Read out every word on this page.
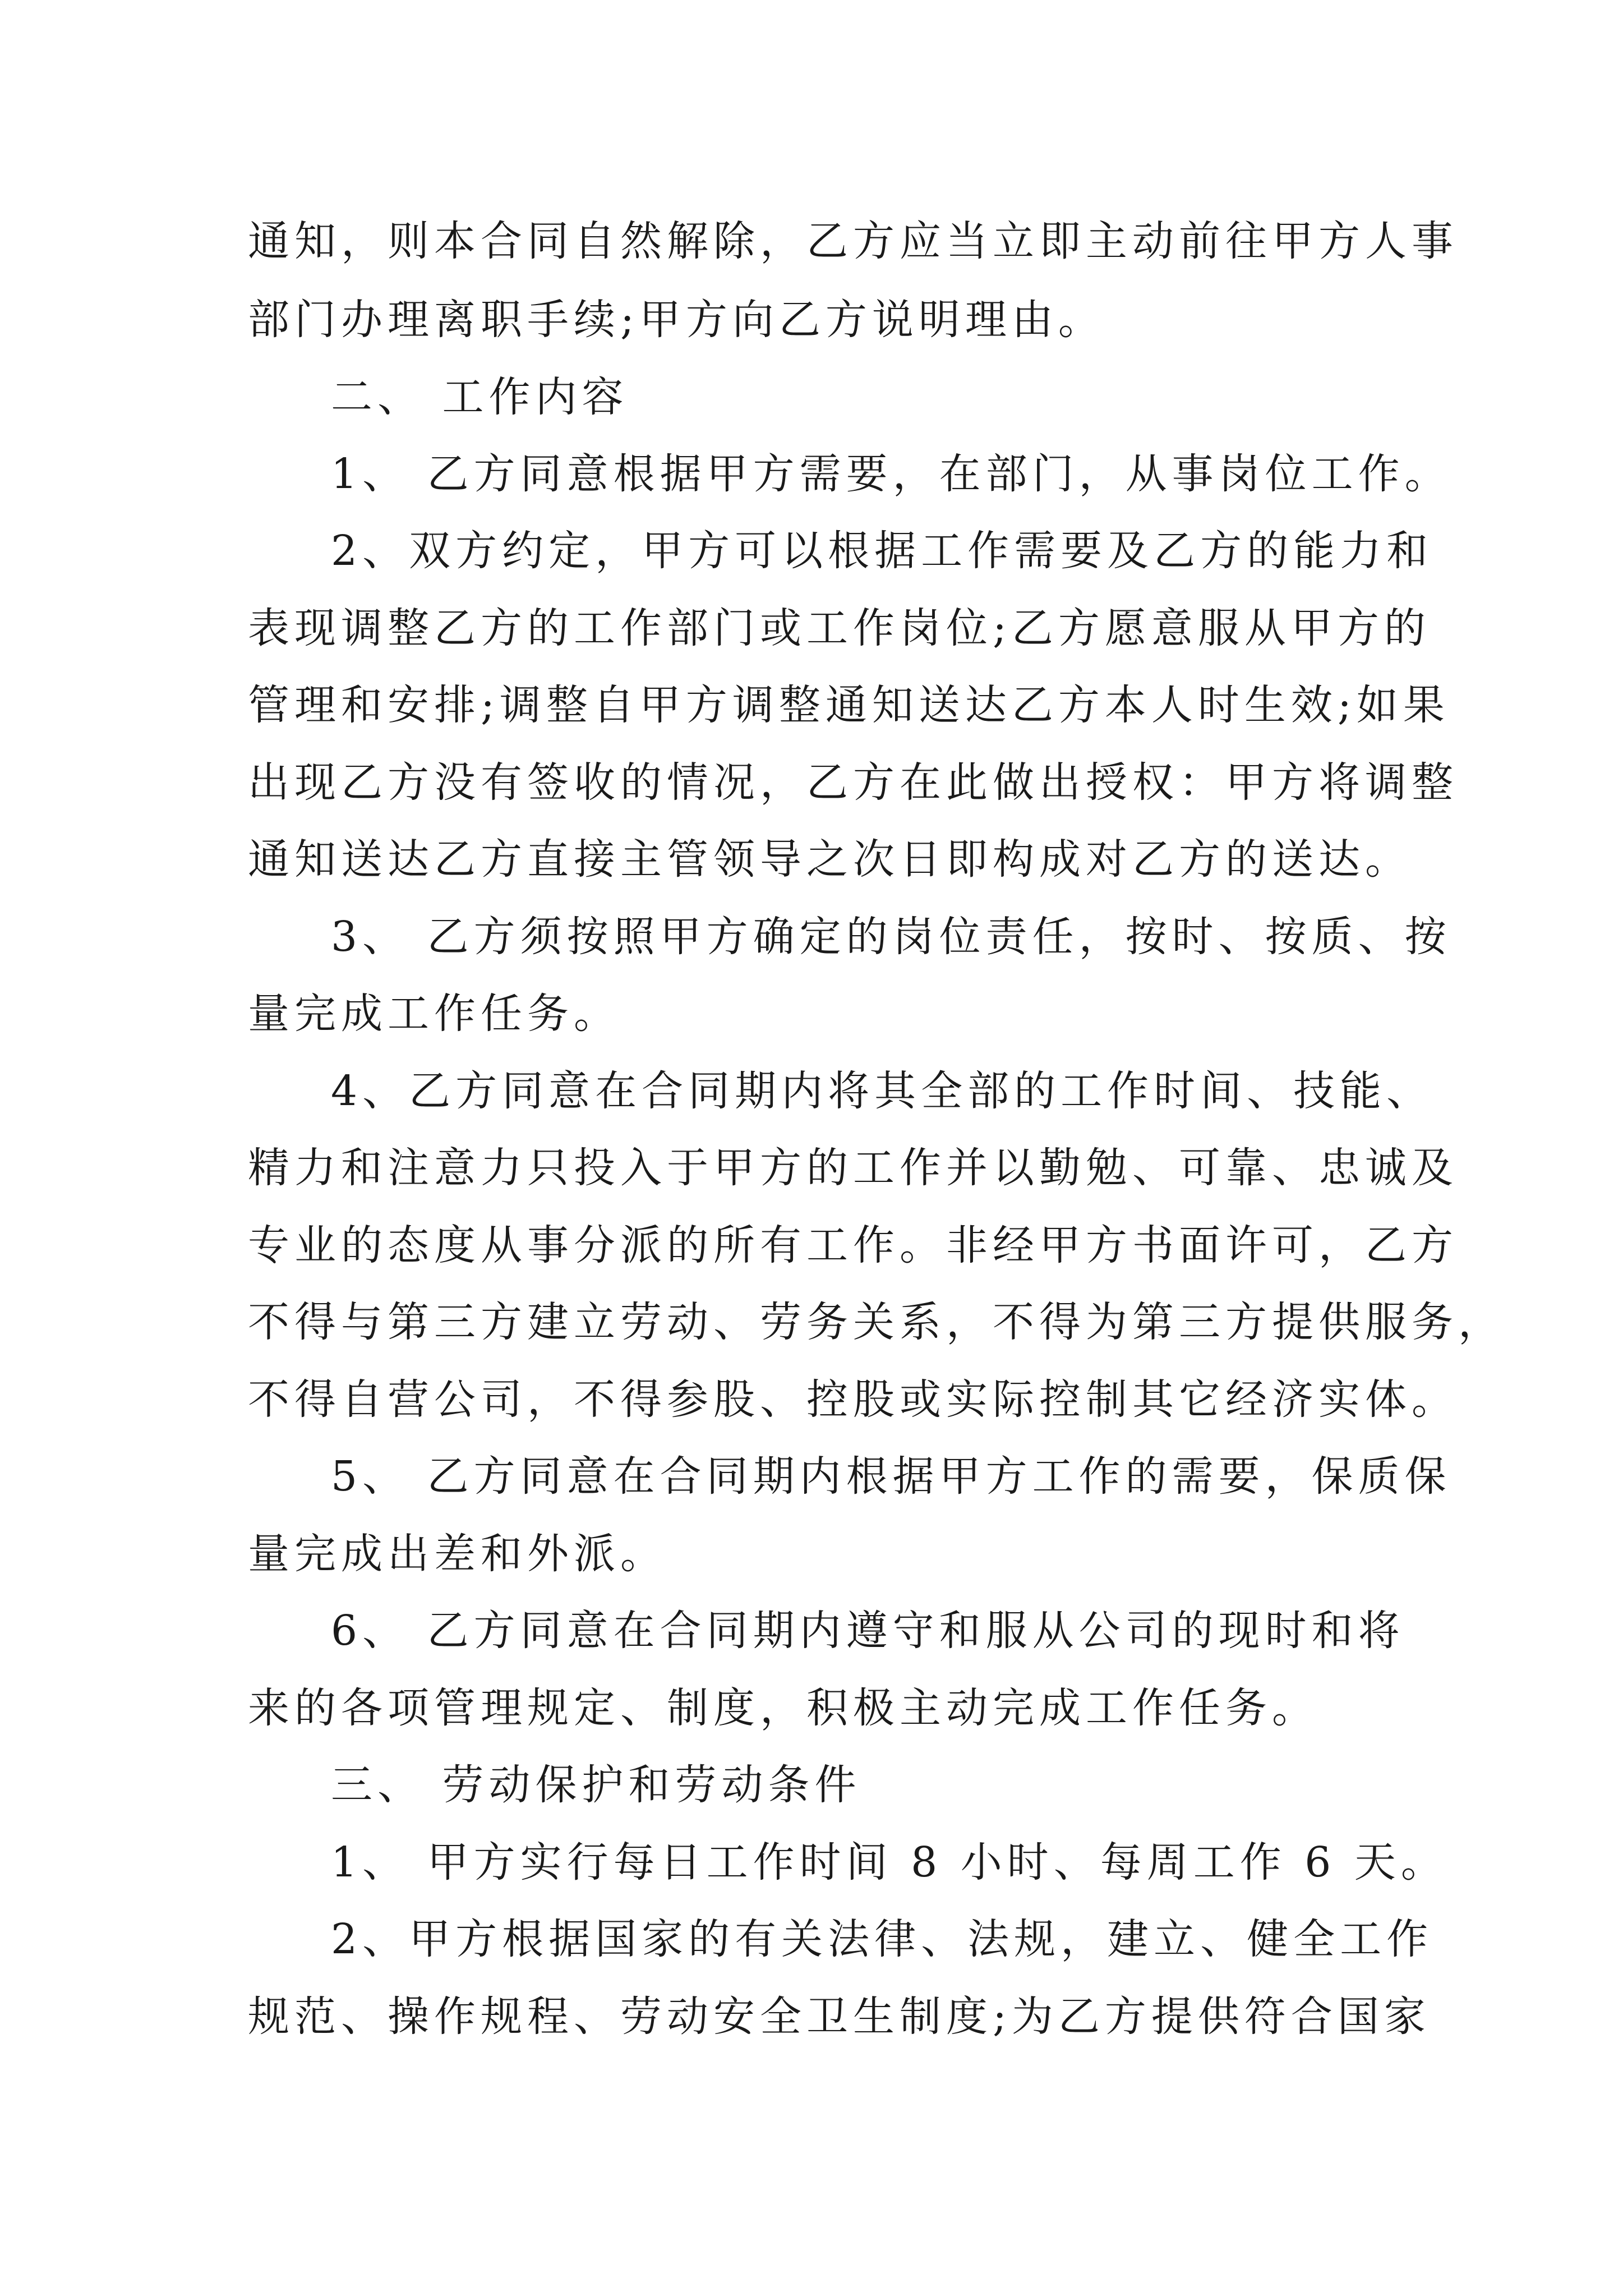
通知，则本合同自然解除，乙方应当立即主动前往甲方人事

部门办理离职手续;甲方向乙方说明理由。

二、 工作内容

1、 乙方同意根据甲方需要，在部门，从事岗位工作。

2、双方约定，甲方可以根据工作需要及乙方的能力和

表现调整乙方的工作部门或工作岗位;乙方愿意服从甲方的

管理和安排;调整自甲方调整通知送达乙方本人时生效;如果

出现乙方没有签收的情况，乙方在此做出授权：甲方将调整

通知送达乙方直接主管领导之次日即构成对乙方的送达。

3、 乙方须按照甲方确定的岗位责任，按时、按质、按

量完成工作任务。

4、乙方同意在合同期内将其全部的工作时间、技能、

精力和注意力只投入于甲方的工作并以勤勉、可靠、忠诚及

专业的态度从事分派的所有工作。非经甲方书面许可，乙方

不得与第三方建立劳动、劳务关系，不得为第三方提供服务，

不得自营公司，不得参股、控股或实际控制其它经济实体。

5、 乙方同意在合同期内根据甲方工作的需要，保质保

量完成出差和外派。

6、 乙方同意在合同期内遵守和服从公司的现时和将

来的各项管理规定、制度，积极主动完成工作任务。

三、 劳动保护和劳动条件

1、 甲方实行每日工作时间 8 小时、每周工作 6 天。

2、甲方根据国家的有关法律、法规，建立、健全工作

规范、操作规程、劳动安全卫生制度;为乙方提供符合国家
